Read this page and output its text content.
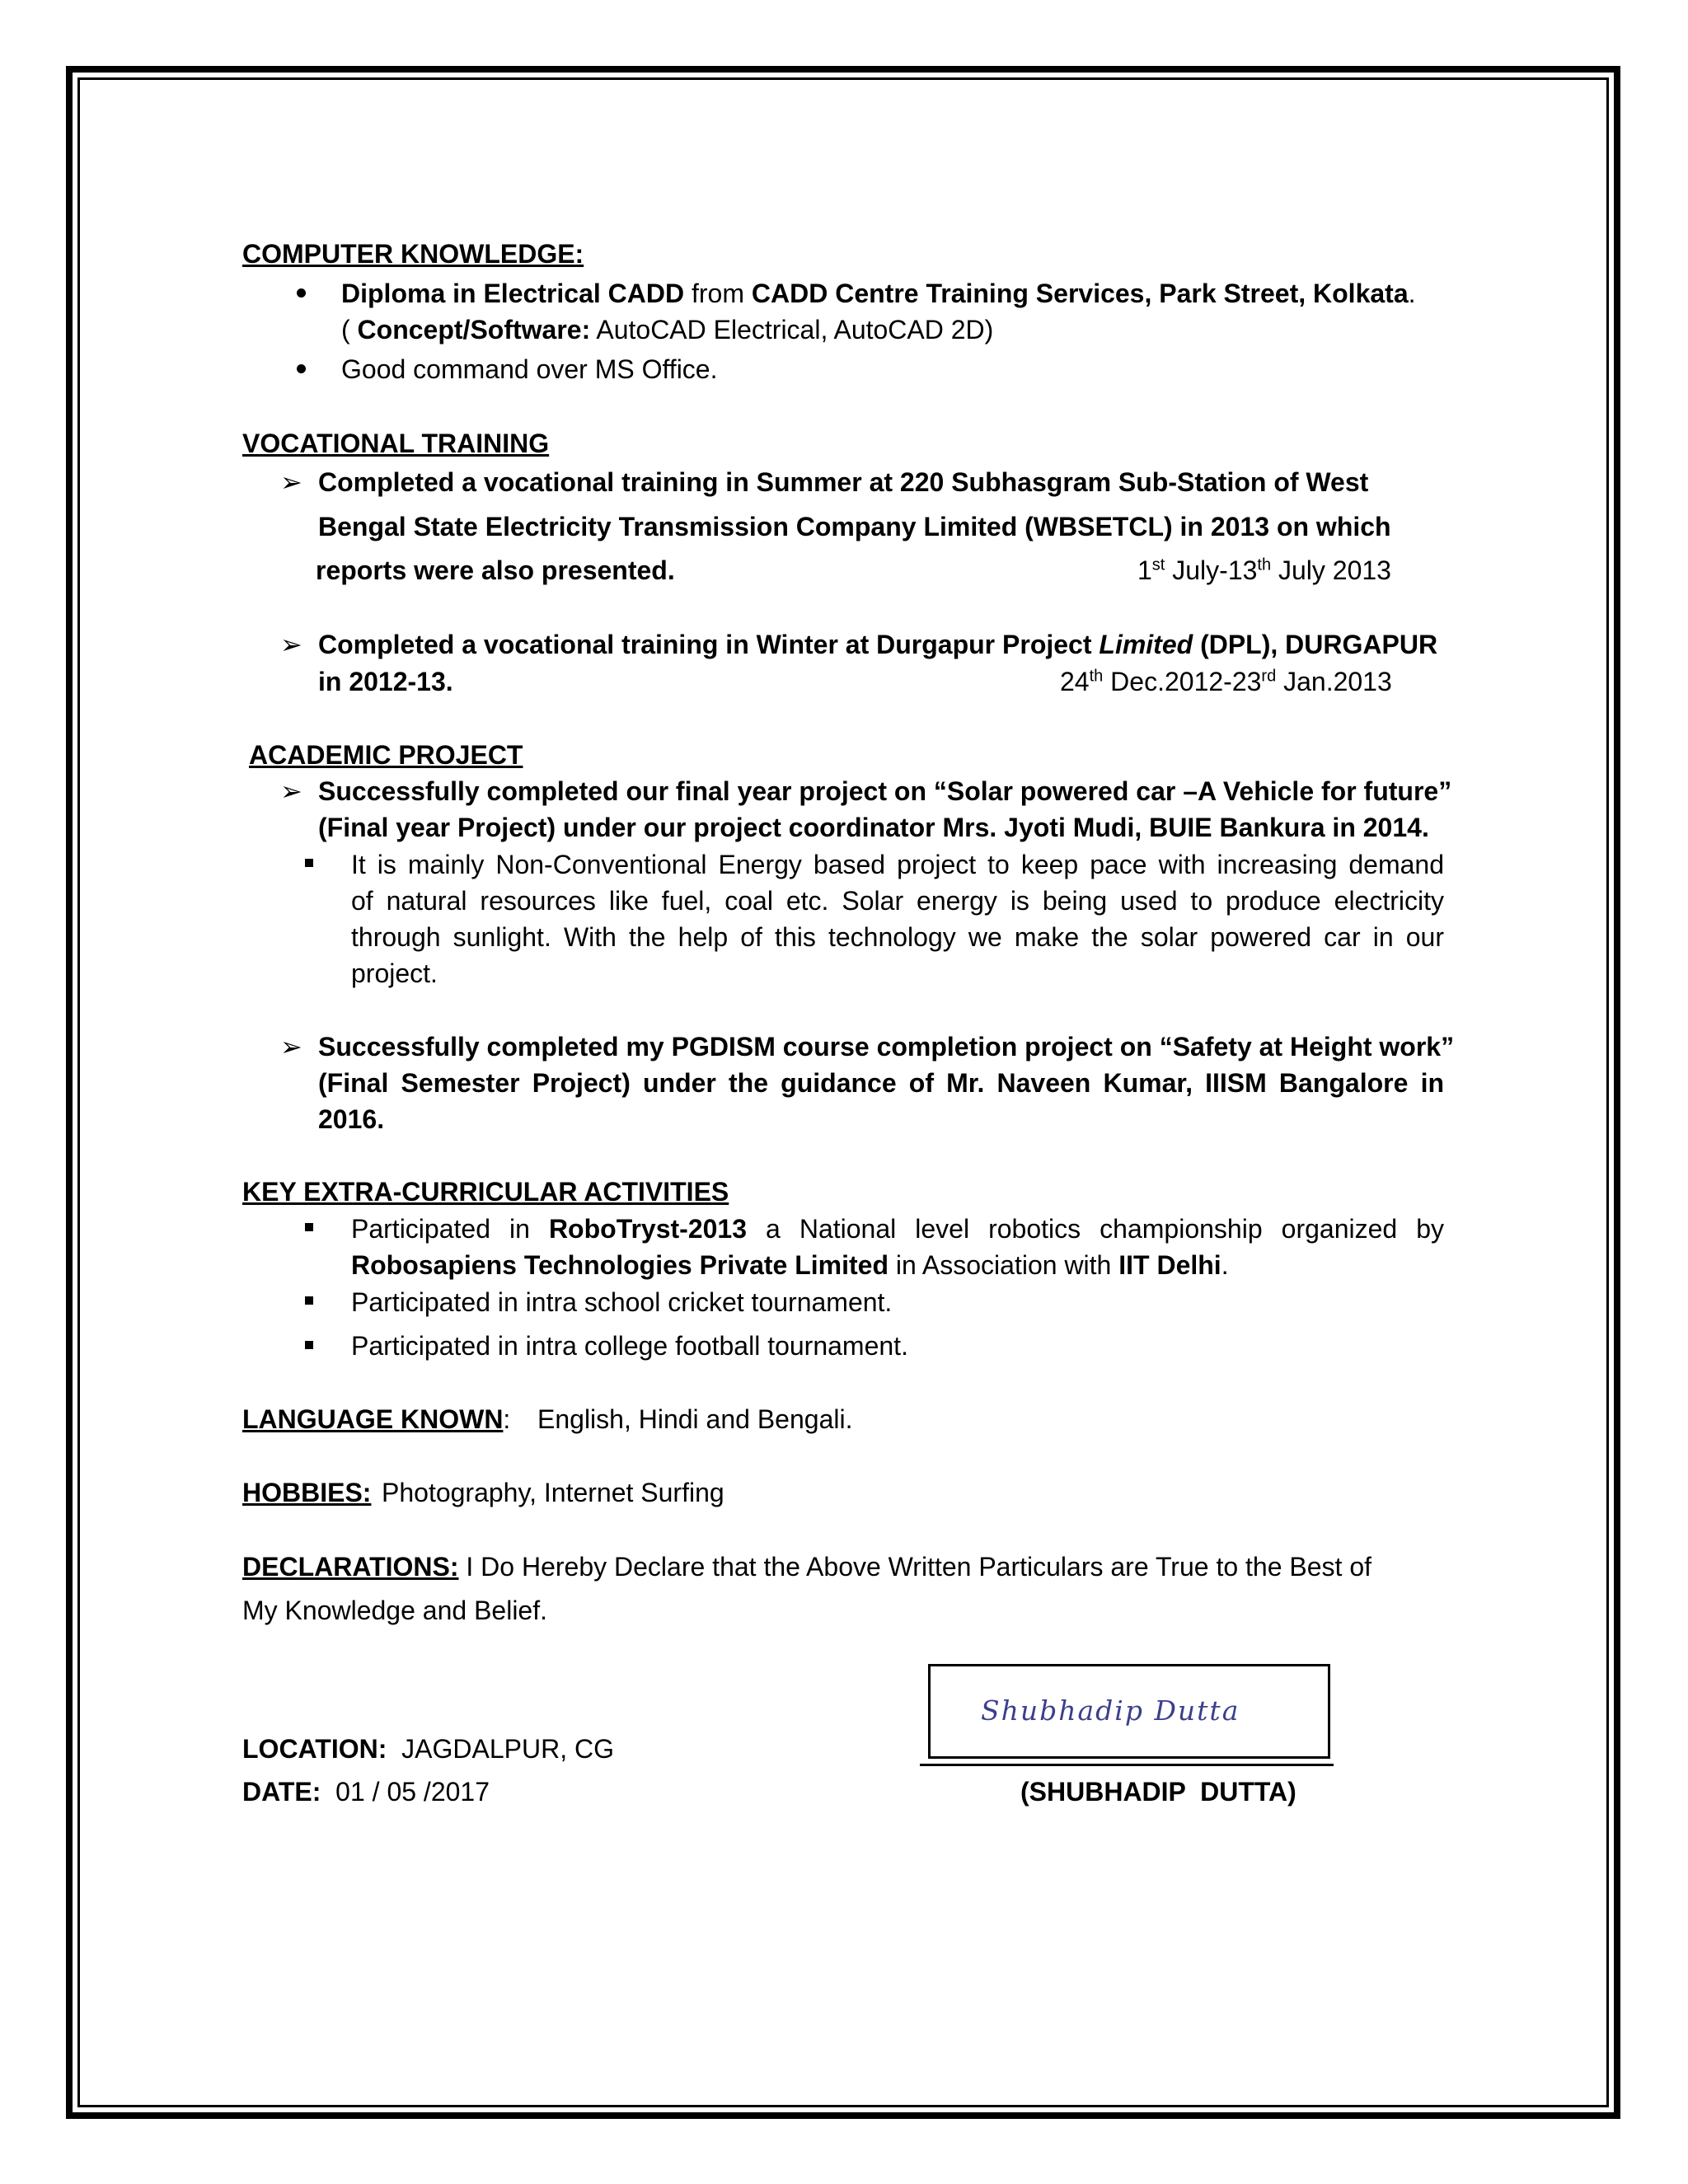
COMPUTER KNOWLEDGE:
Diploma in Electrical CADD from CADD Centre Training Services, Park Street, Kolkata.
( Concept/Software: AutoCAD Electrical, AutoCAD 2D)
Good command over MS Office.
VOCATIONAL TRAINING
➢ Completed a vocational training in Summer at 220 Subhasgram Sub-Station of West
Bengal State Electricity Transmission Company Limited (WBSETCL) in 2013 on which
reports were also presented.	1st July-13th July 2013
➢ Completed a vocational training in Winter at Durgapur Project Limited (DPL), DURGAPUR
in 2012-13.	24th Dec.2012-23rd Jan.2013
ACADEMIC PROJECT
➢ Successfully completed our final year project on “Solar powered car –A Vehicle for future”
(Final year Project) under our project coordinator Mrs. Jyoti Mudi, BUIE Bankura in 2014.
It is mainly Non-Conventional Energy based project to keep pace with increasing demand
of natural resources like fuel, coal etc. Solar energy is being used to produce electricity
through sunlight. With the help of this technology we make the solar powered car in our
project.
➢ Successfully completed my PGDISM course completion project on “Safety at Height work”
(Final Semester Project) under the guidance of Mr. Naveen Kumar, IIISM Bangalore in
2016.
KEY EXTRA-CURRICULAR ACTIVITIES
Participated in RoboTryst-2013 a National level robotics championship organized by
Robosapiens Technologies Private Limited in Association with IIT Delhi.
Participated in intra school cricket tournament.
Participated in intra college football tournament.
LANGUAGE KNOWN: English, Hindi and Bengali.
HOBBIES: Photography, Internet Surfing
DECLARATIONS: I Do Hereby Declare that the Above Written Particulars are True to the Best of
My Knowledge and Belief.
Shubhadip Dutta
LOCATION: JAGDALPUR, CG
DATE: 01 / 05 /2017	(SHUBHADIP  DUTTA)
